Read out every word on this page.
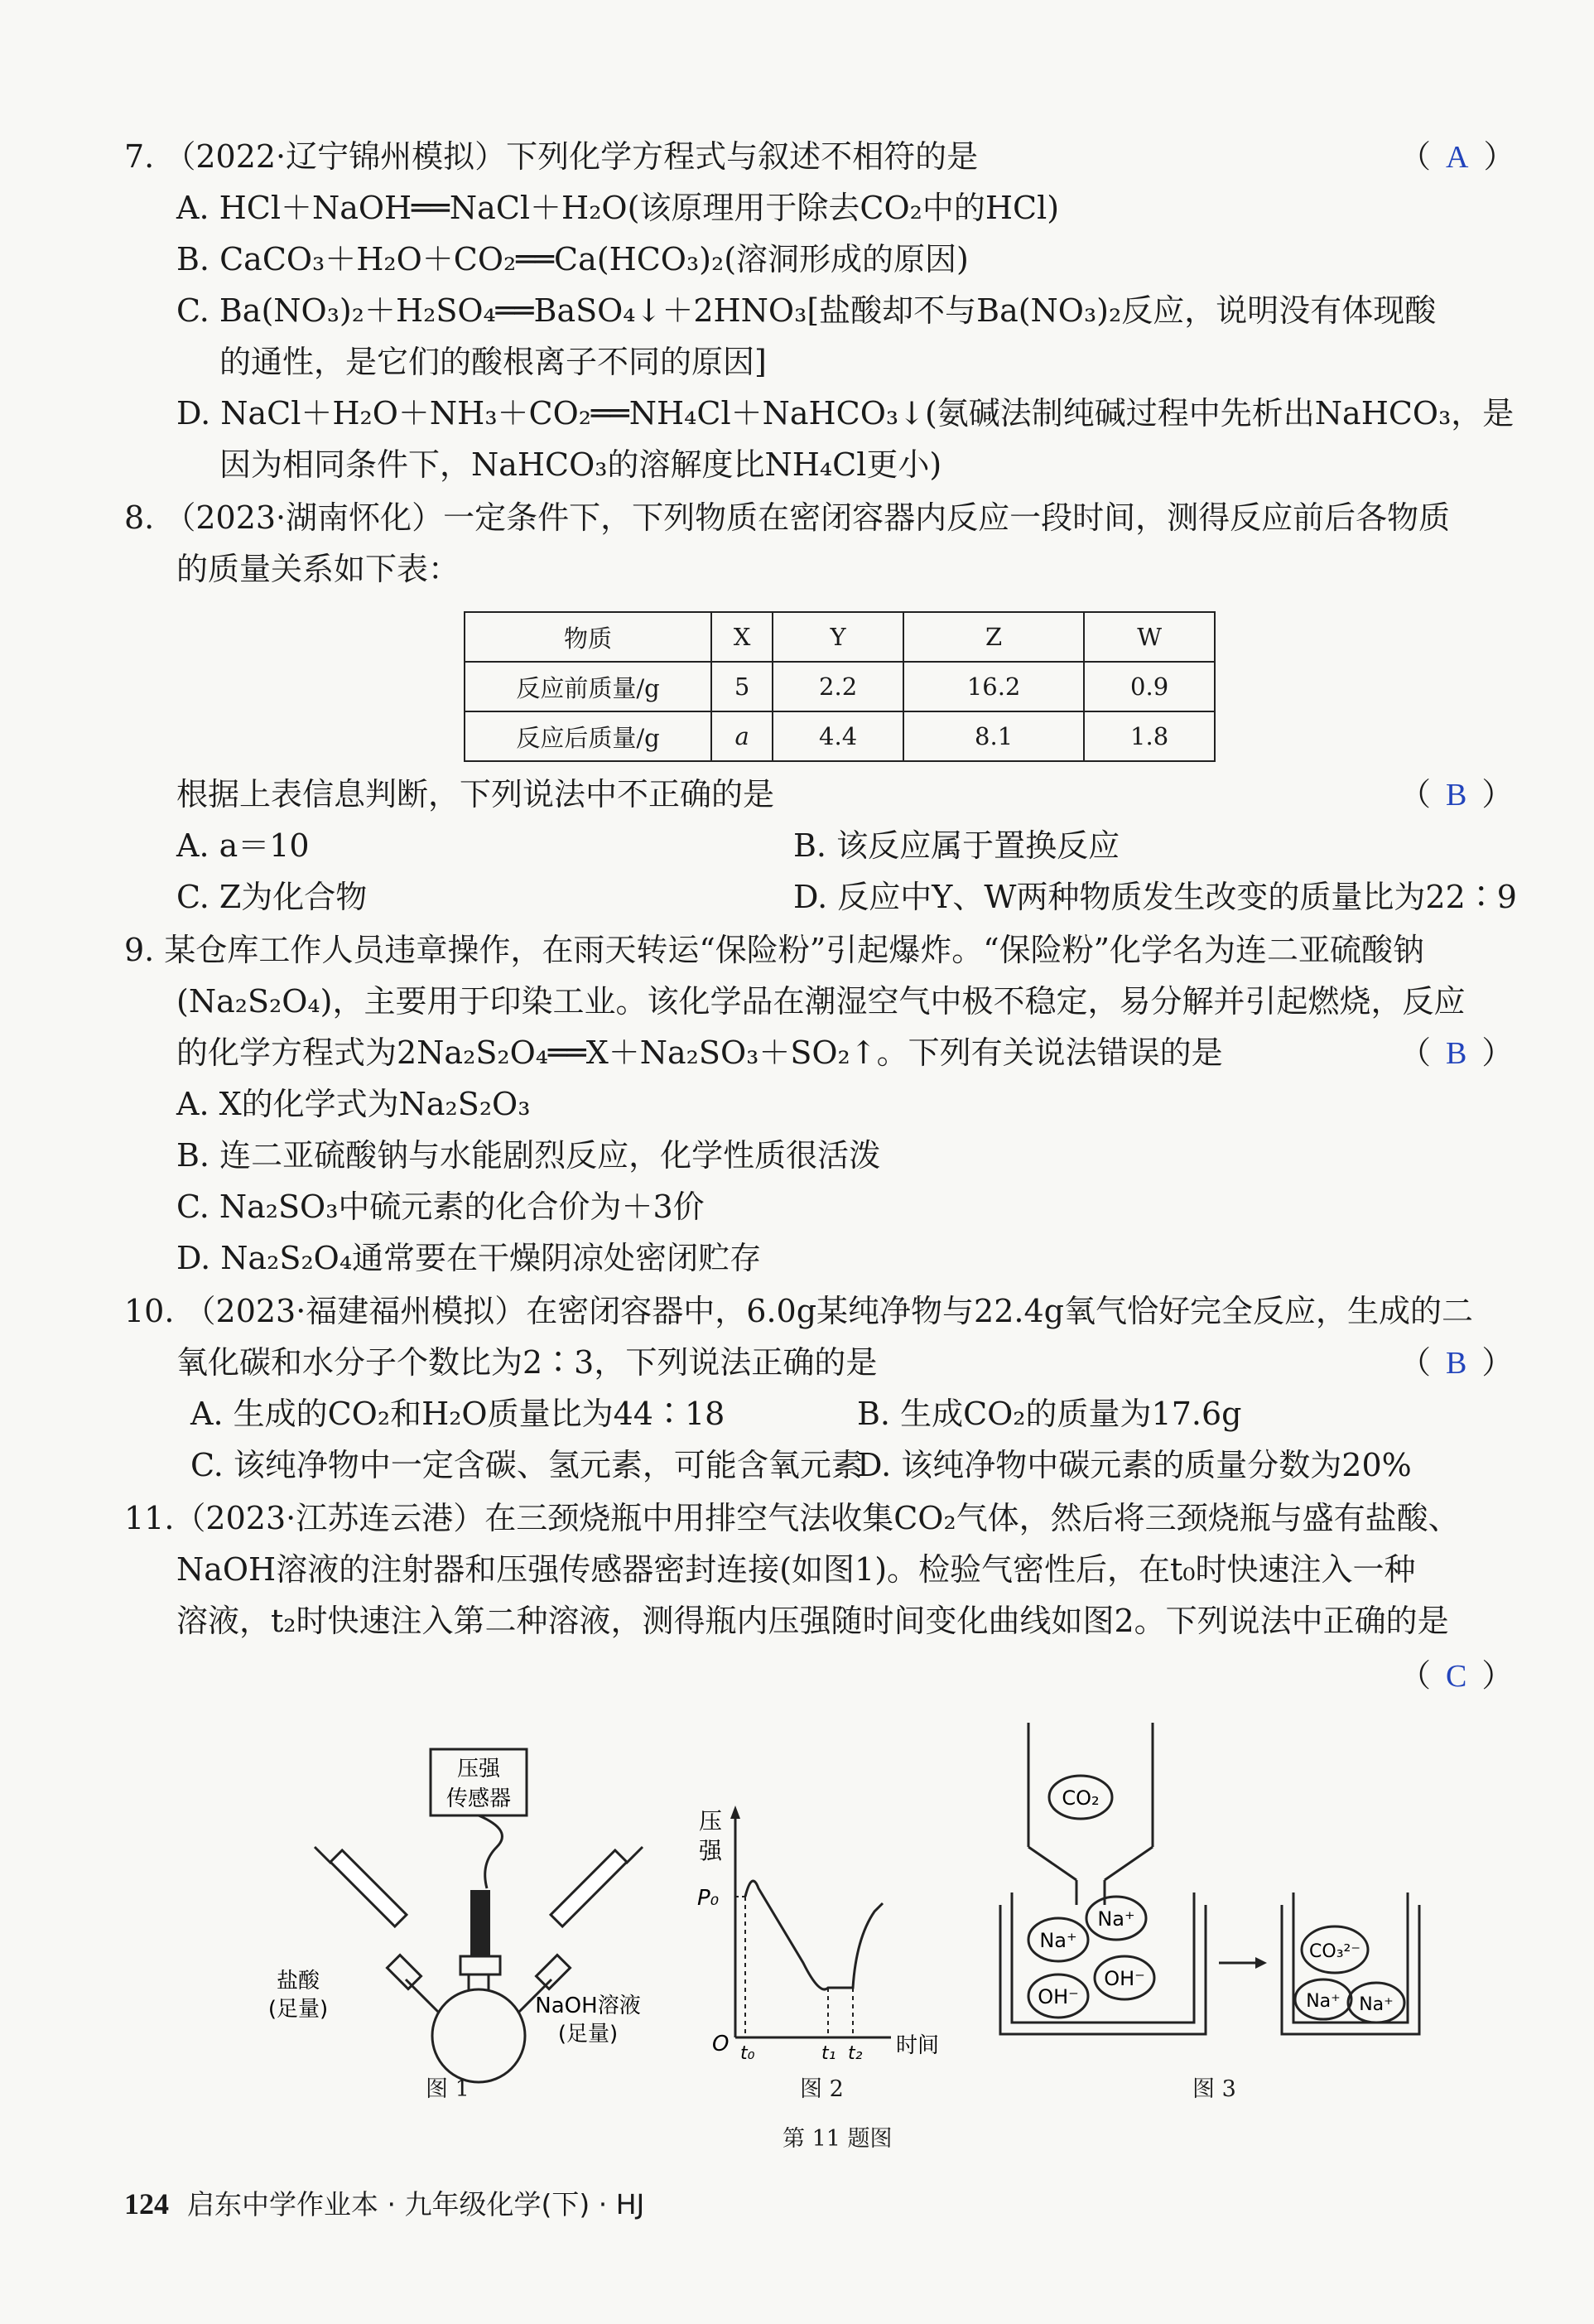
7. （2022·辽宁锦州模拟）下列化学方程式与叙述不相符的是	（ A ）
A. HCl＋NaOH══NaCl＋H₂O(该原理用于除去CO₂中的HCl)
B. CaCO₃＋H₂O＋CO₂══Ca(HCO₃)₂(溶洞形成的原因)
C. Ba(NO₃)₂＋H₂SO₄══BaSO₄↓＋2HNO₃[盐酸却不与Ba(NO₃)₂反应，说明没有体现酸
的通性，是它们的酸根离子不同的原因]
D. NaCl＋H₂O＋NH₃＋CO₂══NH₄Cl＋NaHCO₃↓(氨碱法制纯碱过程中先析出NaHCO₃，是
因为相同条件下，NaHCO₃的溶解度比NH₄Cl更小)
8. （2023·湖南怀化）一定条件下，下列物质在密闭容器内反应一段时间，测得反应前后各物质
的质量关系如下表：
物质	X	Y	Z	W
反应前质量/g	5	2.2	16.2	0.9
反应后质量/g	a	4.4	8.1	1.8
根据上表信息判断，下列说法中不正确的是	（ B ）
A. a＝10	B. 该反应属于置换反应
C. Z为化合物	D. 反应中Y、W两种物质发生改变的质量比为22∶9
9. 某仓库工作人员违章操作，在雨天转运“保险粉”引起爆炸。“保险粉”化学名为连二亚硫酸钠
(Na₂S₂O₄)，主要用于印染工业。该化学品在潮湿空气中极不稳定，易分解并引起燃烧，反应
的化学方程式为2Na₂S₂O₄══X＋Na₂SO₃＋SO₂↑。下列有关说法错误的是	（ B ）
A. X的化学式为Na₂S₂O₃
B. 连二亚硫酸钠与水能剧烈反应，化学性质很活泼
C. Na₂SO₃中硫元素的化合价为＋3价
D. Na₂S₂O₄通常要在干燥阴凉处密闭贮存
10. （2023·福建福州模拟）在密闭容器中，6.0g某纯净物与22.4g氧气恰好完全反应，生成的二
氧化碳和水分子个数比为2∶3，下列说法正确的是	（ B ）
A. 生成的CO₂和H₂O质量比为44∶18	B. 生成CO₂的质量为17.6g
C. 该纯净物中一定含碳、氢元素，可能含氧元素
D. 该纯净物中碳元素的质量分数为20%
11.（2023·江苏连云港）在三颈烧瓶中用排空气法收集CO₂气体，然后将三颈烧瓶与盛有盐酸、
NaOH溶液的注射器和压强传感器密封连接(如图1)。检验气密性后，在t₀时快速注入一种
溶液，t₂时快速注入第二种溶液，测得瓶内压强随时间变化曲线如图2。下列说法中正确的是
（ C ）
压强
传感器
盐酸
(足量)	NaOH溶液
(足量)
图 1
压
强
P₀
O t₀	t₁ t₂ 时间
图 2
CO₂
Na⁺
Na⁺
OH⁻
OH⁻
CO₃²⁻
Na⁺ Na⁺
图 3
第 11 题图
124 启东中学作业本 · 九年级化学(下) · HJ
